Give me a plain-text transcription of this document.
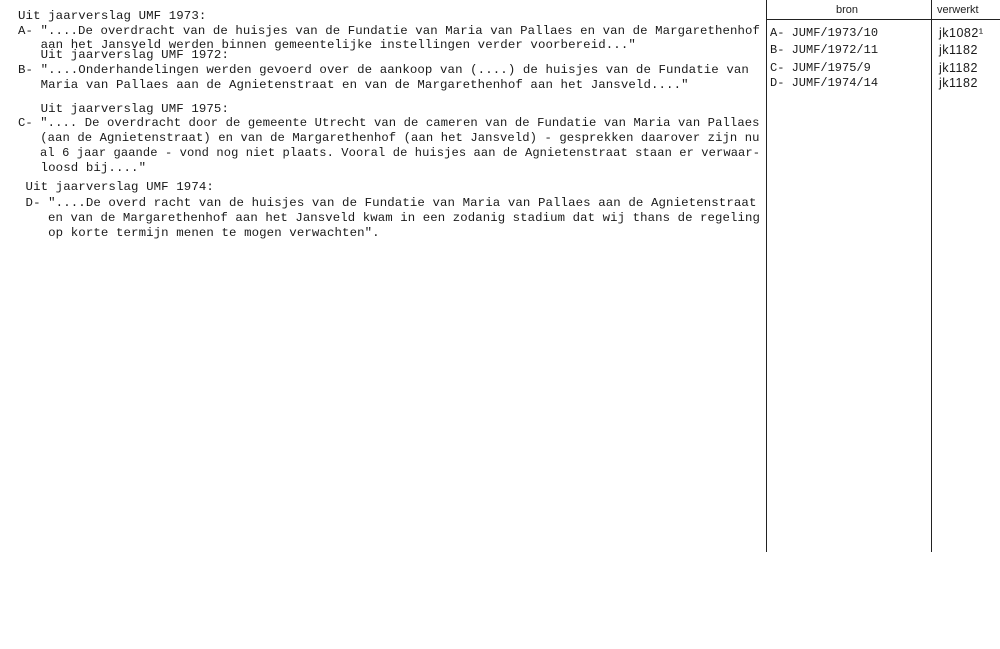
bron	verwerkt
A- JUMF/1973/10
B- JUMF/1972/11
C- JUMF/1975/9
D- JUMF/1974/14
jk1082¹
jk1182
jk1182
jk1182
Uit jaarverslag UMF 1973:
A- "....De overdracht van de huisjes van de Fundatie van Maria van Pallaes en van de Margarethenhof
aan het Jansveld werden binnen gemeentelijke instellingen verder voorbereid..."
Uit jaarverslag UMF 1972:
B- "....Onderhandelingen werden gevoerd over de aankoop van (....) de huisjes van de Fundatie van
Maria van Pallaes aan de Agnietenstraat en van de Margarethenhof aan het Jansveld...."
Uit jaarverslag UMF 1975:
C- ".... De overdracht door de gemeente Utrecht van de cameren van de Fundatie van Maria van Pallaes
(aan de Agnietenstraat) en van de Margarethenhof (aan het Jansveld) - gesprekken daarover zijn nu
al 6 jaar gaande - vond nog niet plaats. Vooral de huisjes aan de Agnietenstraat staan er verwaar-
loosd bij...."
Uit jaarverslag UMF 1974:
D- "....De overd racht van de huisjes van de Fundatie van Maria van Pallaes aan de Agnietenstraat
en van de Margarethenhof aan het Jansveld kwam in een zodanig stadium dat wij thans de regeling
op korte termijn menen te mogen verwachten".
